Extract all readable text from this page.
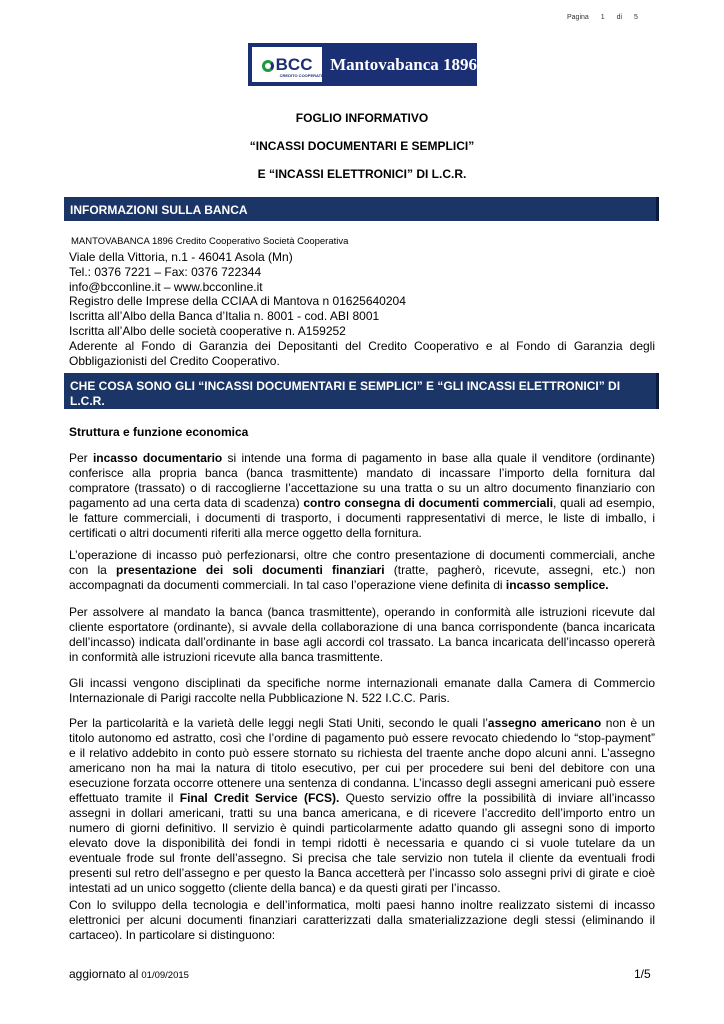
Pagina 1 di 5
BCC
CREDITO COOPERATIVO
Mantovabanca 1896
FOGLIO INFORMATIVO
“INCASSI DOCUMENTARI E SEMPLICI”
E “INCASSI ELETTRONICI” DI L.C.R.
INFORMAZIONI SULLA BANCA
MANTOVABANCA 1896 Credito Cooperativo Società Cooperativa
Viale della Vittoria, n.1 - 46041 Asola (Mn)
Tel.: 0376 7221 – Fax: 0376 722344
info@bcconline.it – www.bcconline.it
Registro delle Imprese della CCIAA di Mantova n 01625640204
Iscritta all’Albo della Banca d’Italia n. 8001 - cod. ABI 8001
Iscritta all’Albo delle società cooperative n. A159252
Aderente al Fondo di Garanzia dei Depositanti del Credito Cooperativo e al Fondo di Garanzia degli Obbligazionisti del Credito Cooperativo.
CHE COSA SONO GLI “INCASSI DOCUMENTARI E SEMPLICI” E “GLI INCASSI ELETTRONICI” DI L.C.R.
Struttura e funzione economica
Per incasso documentario si intende una forma di pagamento in base alla quale il venditore (ordinante) conferisce alla propria banca (banca trasmittente) mandato di incassare l’importo della fornitura dal compratore (trassato) o di raccoglierne l’accettazione su una tratta o su un altro documento finanziario con pagamento ad una certa data di scadenza) contro consegna di documenti commerciali, quali ad esempio, le fatture commerciali, i documenti di trasporto, i documenti rappresentativi di merce, le liste di imballo, i certificati o altri documenti riferiti alla merce oggetto della fornitura.
L’operazione di incasso può perfezionarsi, oltre che contro presentazione di documenti commerciali, anche con la presentazione dei soli documenti finanziari (tratte, pagherò, ricevute, assegni, etc.) non accompagnati da documenti commerciali. In tal caso l’operazione viene definita di incasso semplice.
Per assolvere al mandato la banca (banca trasmittente), operando in conformità alle istruzioni ricevute dal cliente esportatore (ordinante), si avvale della collaborazione di una banca corrispondente (banca incaricata dell’incasso) indicata dall’ordinante in base agli accordi col trassato. La banca incaricata dell’incasso opererà in conformità alle istruzioni ricevute alla banca trasmittente.
Gli incassi vengono disciplinati da specifiche norme internazionali emanate dalla Camera di Commercio Internazionale di Parigi raccolte nella Pubblicazione N. 522 I.C.C. Paris.
Per la particolarità e la varietà delle leggi negli Stati Uniti, secondo le quali l’assegno americano non è un titolo autonomo ed astratto, così che l’ordine di pagamento può essere revocato chiedendo lo “stop-payment” e il relativo addebito in conto può essere stornato su richiesta del traente anche dopo alcuni anni. L’assegno americano non ha mai la natura di titolo esecutivo, per cui per procedere sui beni del debitore con una esecuzione forzata occorre ottenere una sentenza di condanna. L’incasso degli assegni americani può essere effettuato tramite il Final Credit Service (FCS). Questo servizio offre la possibilità di inviare all’incasso assegni in dollari americani, tratti su una banca americana, e di ricevere l’accredito dell’importo entro un numero di giorni definitivo. Il servizio è quindi particolarmente adatto quando gli assegni sono di importo elevato dove la disponibilità dei fondi in tempi ridotti è necessaria e quando ci si vuole tutelare da un eventuale frode sul fronte dell’assegno. Si precisa che tale servizio non tutela il cliente da eventuali frodi presenti sul retro dell’assegno e per questo la Banca accetterà per l’incasso solo assegni privi di girate e cioè intestati ad un unico soggetto (cliente della banca) e da questi girati per l’incasso.
Con lo sviluppo della tecnologia e dell’informatica, molti paesi hanno inoltre realizzato sistemi di incasso elettronici per alcuni documenti finanziari caratterizzati dalla smaterializzazione degli stessi (eliminando il cartaceo). In particolare si distinguono:
aggiornato al 01/09/2015	1/5
